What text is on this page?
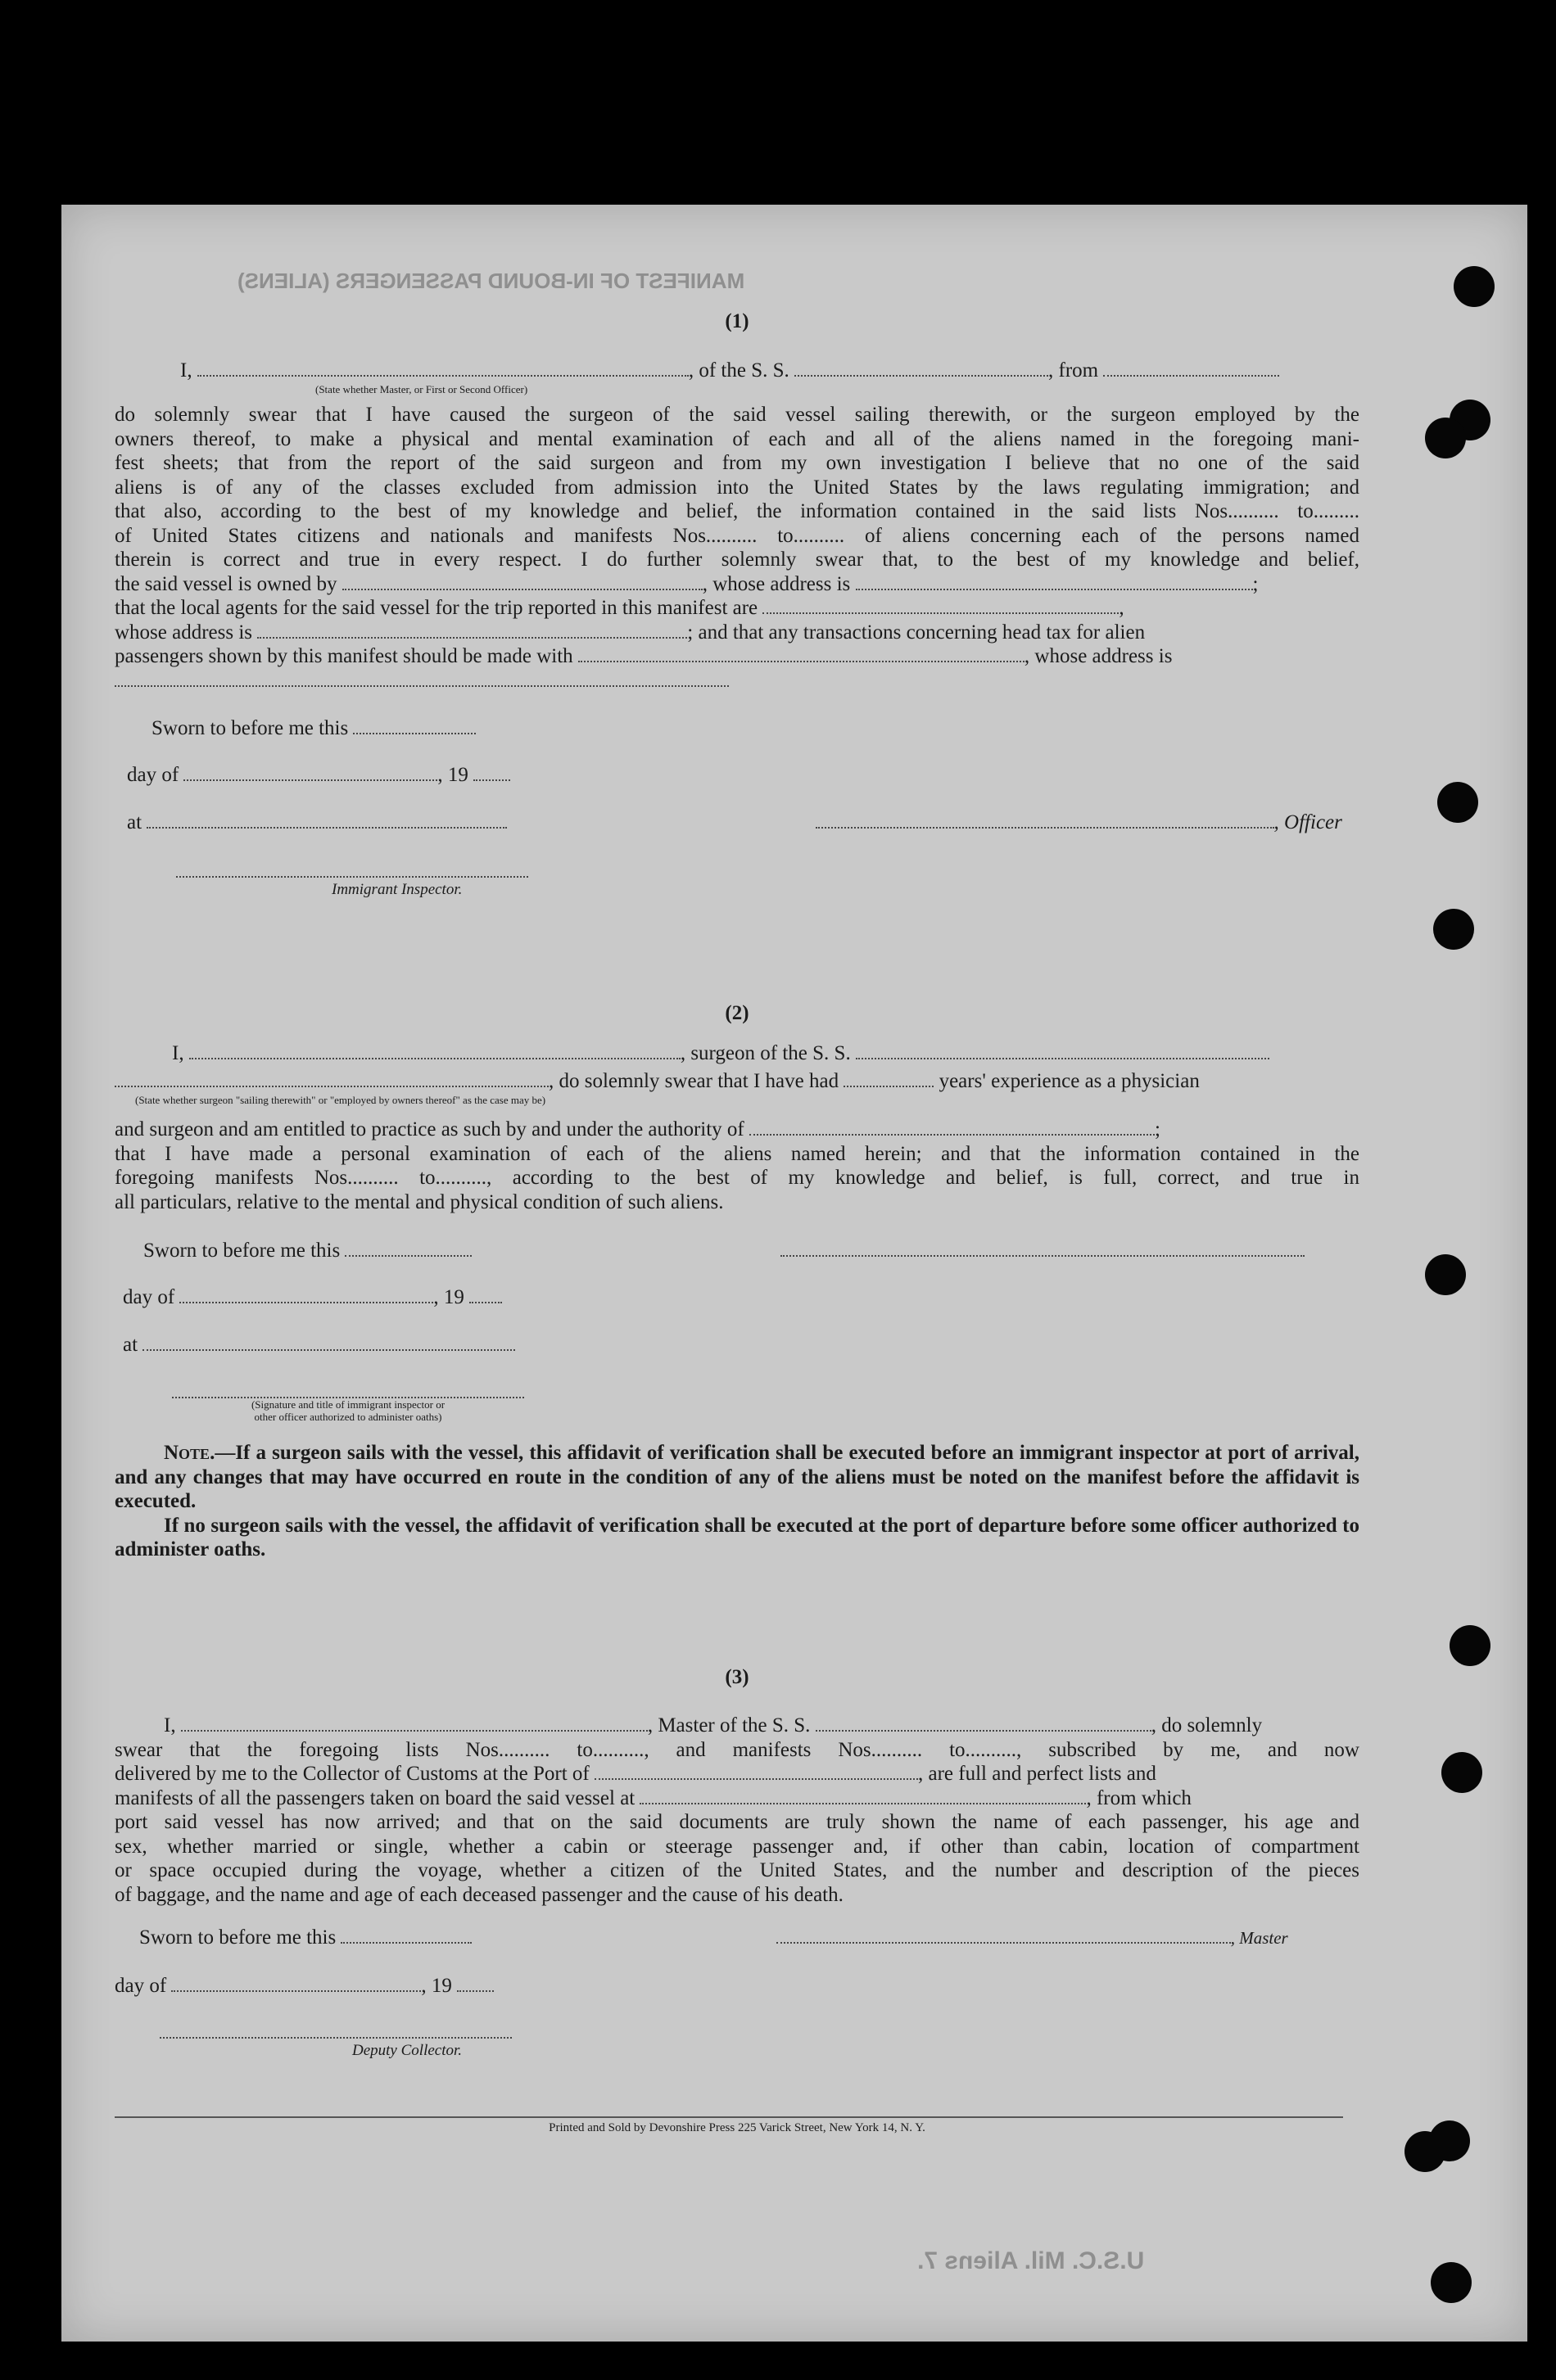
MANIFEST OF IN-BOUND PASSENGERS (ALIENS)
U.S.C. Mil. Aliens 7.
(1)
I,	, of the S. S.	, from
(State whether Master, or First or Second Officer)
do solemnly swear that I have caused the surgeon of the said vessel sailing therewith, or the surgeon employed by the
owners thereof, to make a physical and mental examination of each and all of the aliens named in the foregoing mani-
fest sheets; that from the report of the said surgeon and from my own investigation I believe that no one of the said
aliens is of any of the classes excluded from admission into the United States by the laws regulating immigration; and
that also, according to the best of my knowledge and belief, the information contained in the said lists Nos.......... to.........
of United States citizens and nationals and manifests Nos.......... to.......... of aliens concerning each of the persons named
therein is correct and true in every respect. I do further solemnly swear that, to the best of my knowledge and belief,
the said vessel is owned by	, whose address is	;
that the local agents for the said vessel for the trip reported in this manifest are	,
whose address is	; and that any transactions concerning head tax for alien
passengers shown by this manifest should be made with	, whose address is
Sworn to before me this
day of	, 19
at	, Officer
Immigrant Inspector.
(2)
I,	, surgeon of the S. S.
, do solemnly swear that I have had	years' experience as a physician
(State whether surgeon "sailing therewith" or "employed by owners thereof" as the case may be)
and surgeon and am entitled to practice as such by and under the authority of	;
that I have made a personal examination of each of the aliens named herein; and that the information contained in the
foregoing manifests Nos.......... to.........., according to the best of my knowledge and belief, is full, correct, and true in
all particulars, relative to the mental and physical condition of such aliens.
Sworn to before me this
day of	, 19
at
(Signature and title of immigrant inspector or
other officer authorized to administer oaths)
Note.—If a surgeon sails with the vessel, this affidavit of verification shall be executed before an immigrant inspector at port of arrival, and any changes that may have occurred en route in the condition of any of the aliens must be noted on the manifest before the affidavit is executed.
If no surgeon sails with the vessel, the affidavit of verification shall be executed at the port of departure before some officer authorized to administer oaths.
(3)
I,	, Master of the S. S.	, do solemnly
swear that the foregoing lists Nos.......... to.........., and manifests Nos.......... to.........., subscribed by me, and now
delivered by me to the Collector of Customs at the Port of	, are full and perfect lists and
manifests of all the passengers taken on board the said vessel at	, from which
port said vessel has now arrived; and that on the said documents are truly shown the name of each passenger, his age and
sex, whether married or single, whether a cabin or steerage passenger and, if other than cabin, location of compartment
or space occupied during the voyage, whether a citizen of the United States, and the number and description of the pieces
of baggage, and the name and age of each deceased passenger and the cause of his death.
Sworn to before me this	, Master
day of	, 19
Deputy Collector.
Printed and Sold by Devonshire Press 225 Varick Street, New York 14, N. Y.
